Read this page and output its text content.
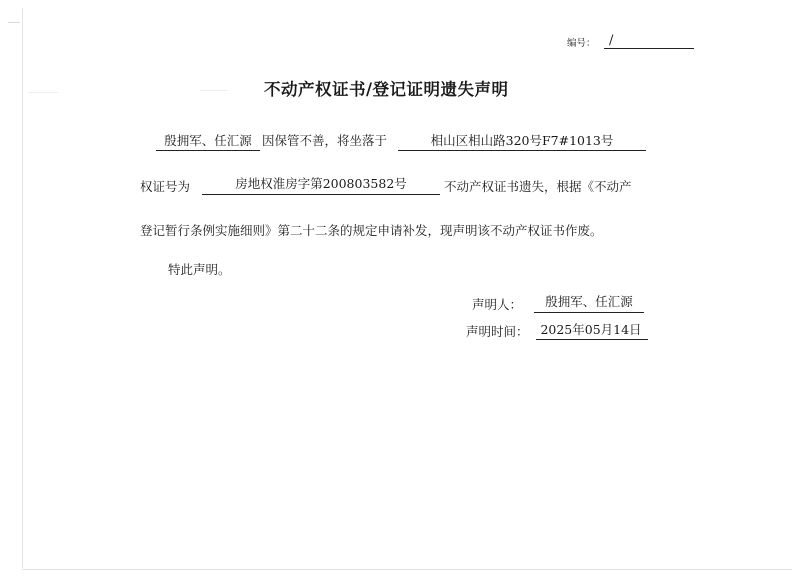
编号： /
不动产权证书/登记证明遗失声明
殷拥军、任汇源 因保管不善，将坐落于	相山区相山路320号F7#1013号
权证号为	房地权淮房字第200803582号	不动产权证书遗失，根据《不动产
登记暂行条例实施细则》第二十二条的规定申请补发，现声明该不动产权证书作废。
特此声明。
声明人：	殷拥军、任汇源
声明时间： 2025年05月14日
